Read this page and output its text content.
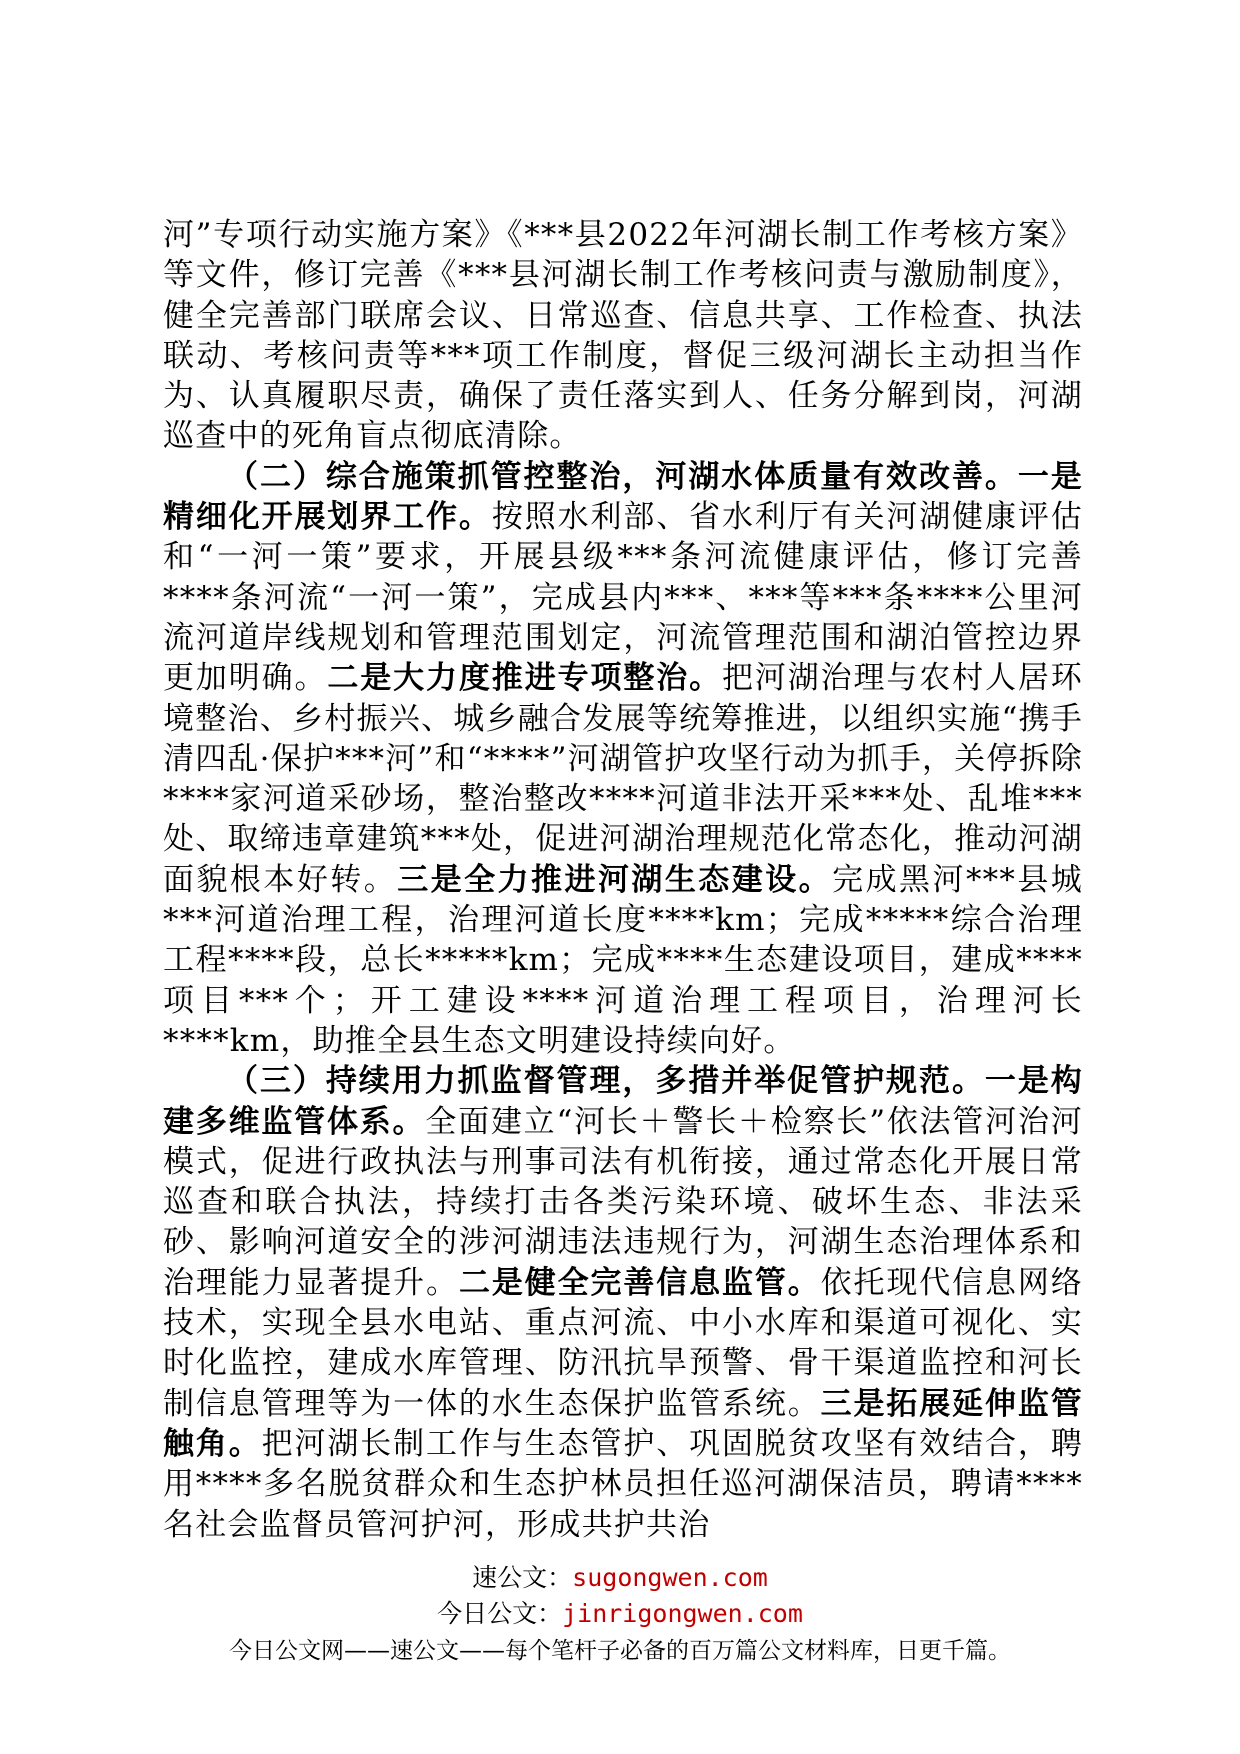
河”专项行动实施方案》《***县2022年河湖长制工作考核方案》等文件，修订完善《***县河湖长制工作考核问责与激励制度》，健全完善部门联席会议、日常巡查、信息共享、工作检查、执法联动、考核问责等***项工作制度，督促三级河湖长主动担当作为、认真履职尽责，确保了责任落实到人、任务分解到岗，河湖巡查中的死角盲点彻底清除。

（二）综合施策抓管控整治，河湖水体质量有效改善。一是精细化开展划界工作。按照水利部、省水利厅有关河湖健康评估和“一河一策”要求，开展县级***条河流健康评估，修订完善****条河流“一河一策”，完成县内***、***等***条****公里河流河道岸线规划和管理范围划定，河流管理范围和湖泊管控边界更加明确。二是大力度推进专项整治。把河湖治理与农村人居环境整治、乡村振兴、城乡融合发展等统筹推进，以组织实施“携手清四乱·保护***河”和“****”河湖管护攻坚行动为抓手，关停拆除****家河道采砂场，整治整改****河道非法开采***处、乱堆***处、取缔违章建筑***处，促进河湖治理规范化常态化，推动河湖面貌根本好转。三是全力推进河湖生态建设。完成黑河***县城***河道治理工程，治理河道长度****km；完成*****综合治理工程****段，总长*****km；完成****生态建设项目，建成****项目***个；开工建设****河道治理工程项目，治理河长****km，助推全县生态文明建设持续向好。

（三）持续用力抓监督管理，多措并举促管护规范。一是构建多维监管体系。全面建立“河长＋警长＋检察长”依法管河治河模式，促进行政执法与刑事司法有机衔接，通过常态化开展日常巡查和联合执法，持续打击各类污染环境、破坏生态、非法采砂、影响河道安全的涉河湖违法违规行为，河湖生态治理体系和治理能力显著提升。二是健全完善信息监管。依托现代信息网络技术，实现全县水电站、重点河流、中小水库和渠道可视化、实时化监控，建成水库管理、防汛抗旱预警、骨干渠道监控和河长制信息管理等为一体的水生态保护监管系统。三是拓展延伸监管触角。把河湖长制工作与生态管护、巩固脱贫攻坚有效结合，聘用****多名脱贫群众和生态护林员担任巡河湖保洁员，聘请****名社会监督员管河护河，形成共护共治

速公文：sugongwen.com
今日公文：jinrigongwen.com
今日公文网——速公文——每个笔杆子必备的百万篇公文材料库，日更千篇。
